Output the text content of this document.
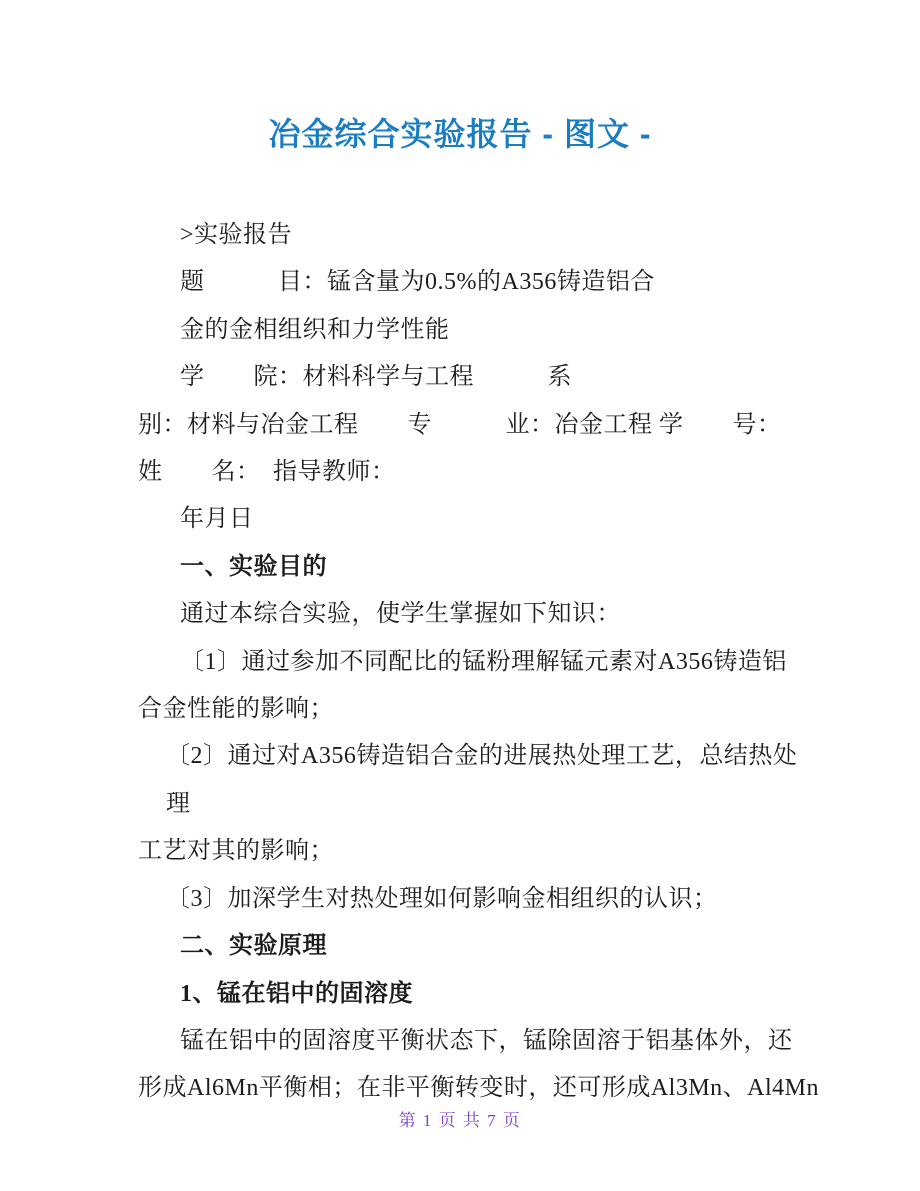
冶金综合实验报告 - 图文 -

>实验报告

题　　　目：锰含量为0.5%的A356铸造铝合

金的金相组织和力学性能

学　　院：材料科学与工程　　　系

别：材料与冶金工程　　专　　　业：冶金工程 学　　号：

姓　　名：　指导教师：

年月日

一、实验目的

通过本综合实验，使学生掌握如下知识：

〔1〕通过参加不同配比的锰粉理解锰元素对A356铸造铝

合金性能的影响；

〔2〕通过对A356铸造铝合金的进展热处理工艺，总结热处理

工艺对其的影响；

〔3〕加深学生对热处理如何影响金相组织的认识；

二、实验原理

1、锰在铝中的固溶度

锰在铝中的固溶度平衡状态下，锰除固溶于铝基体外，还

形成Al6Mn平衡相；在非平衡转变时，还可形成Al3Mn、Al4Mn

第 1 页 共 7 页
